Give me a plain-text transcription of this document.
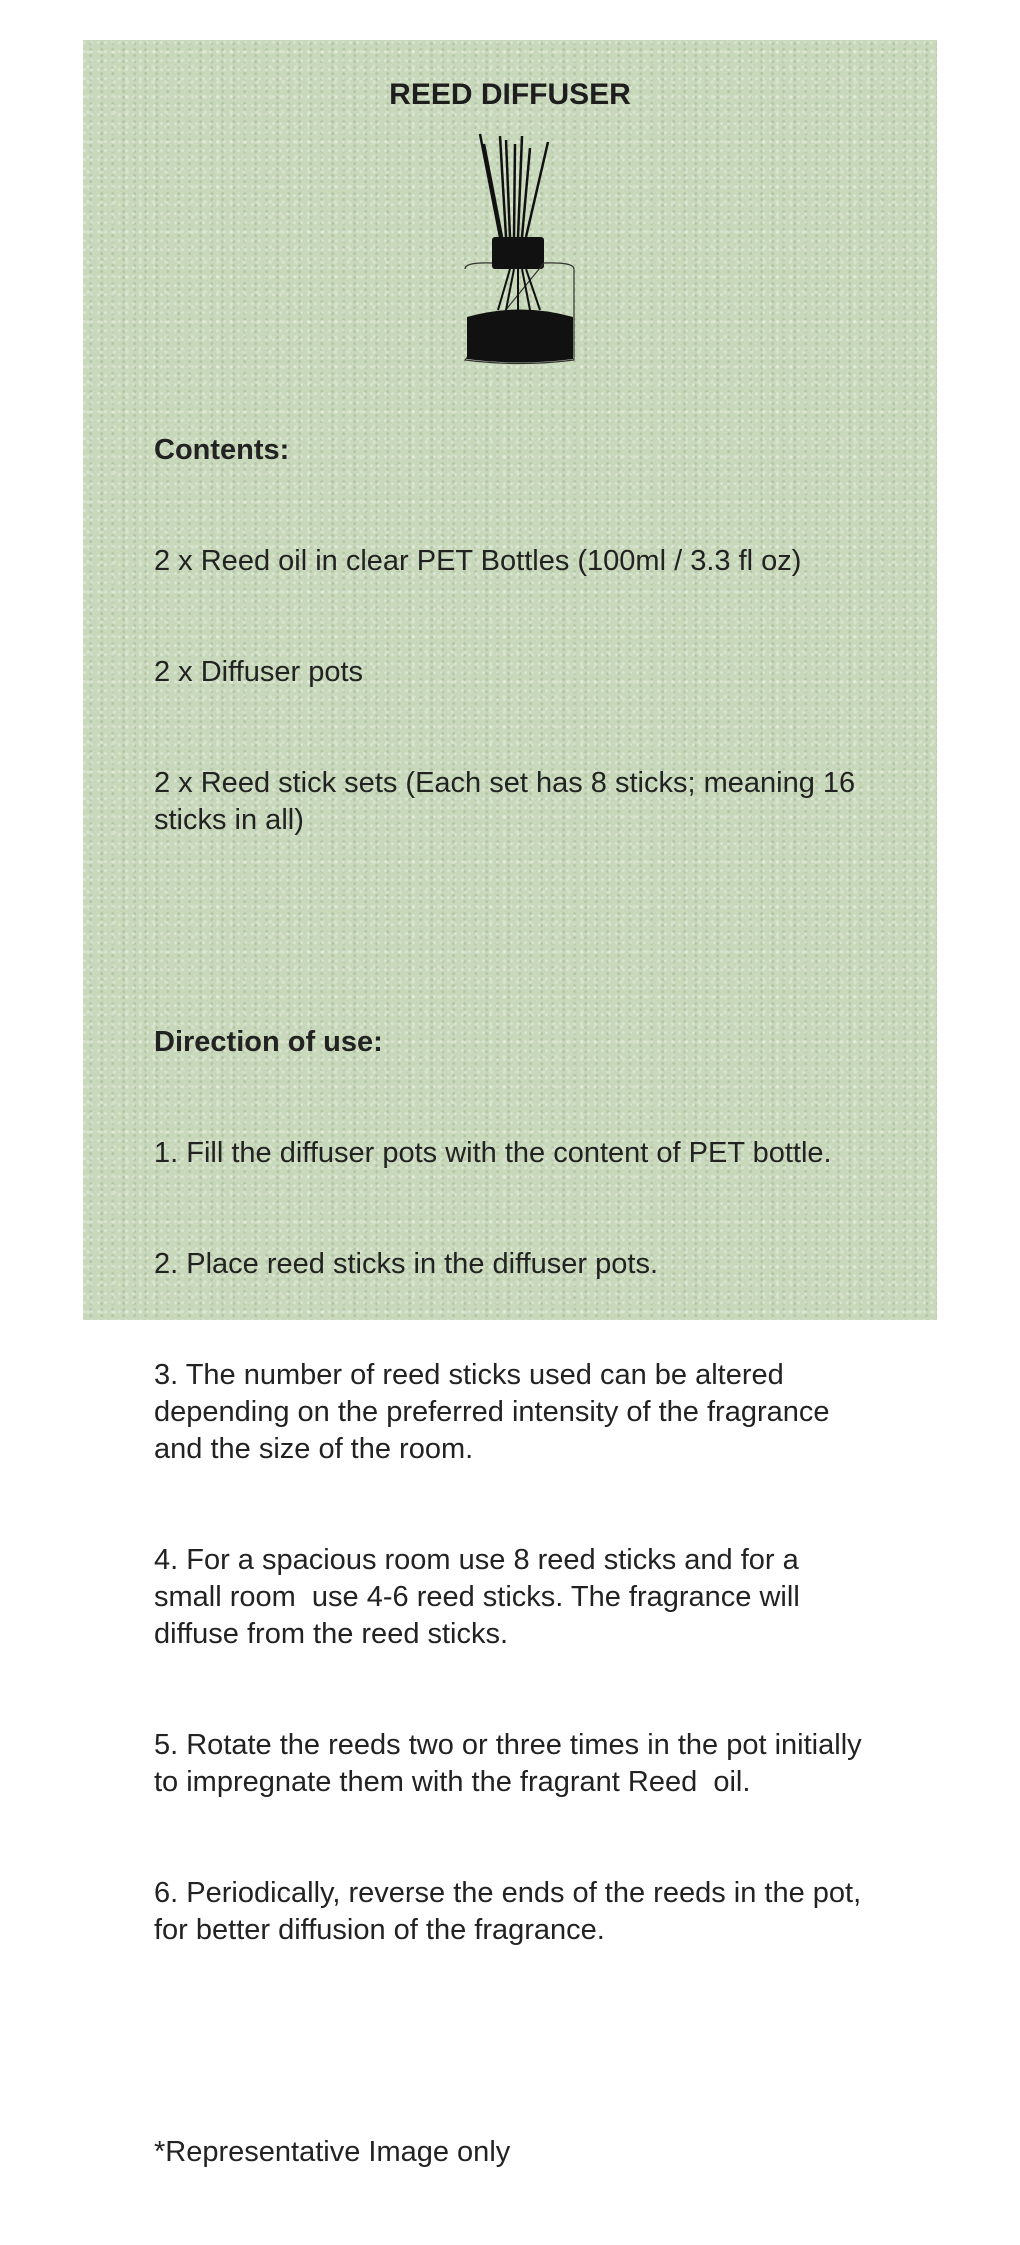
REED DIFFUSER

Contents:

2 x Reed oil in clear PET Bottles (100ml / 3.3 fl oz)

2 x Diffuser pots

2 x Reed stick sets (Each set has 8 sticks; meaning 16 sticks in all)

Direction of use:

1. Fill the diffuser pots with the content of PET bottle.

2. Place reed sticks in the diffuser pots.

3. The number of reed sticks used can be altered depending on the preferred intensity of the fragrance and the size of the room.

4. For a spacious room use 8 reed sticks and for a small room  use 4-6 reed sticks. The fragrance will diffuse from the reed sticks.

5. Rotate the reeds two or three times in the pot initially to impregnate them with the fragrant Reed  oil.

6. Periodically, reverse the ends of the reeds in the pot, for better diffusion of the fragrance.

*Representative Image only
